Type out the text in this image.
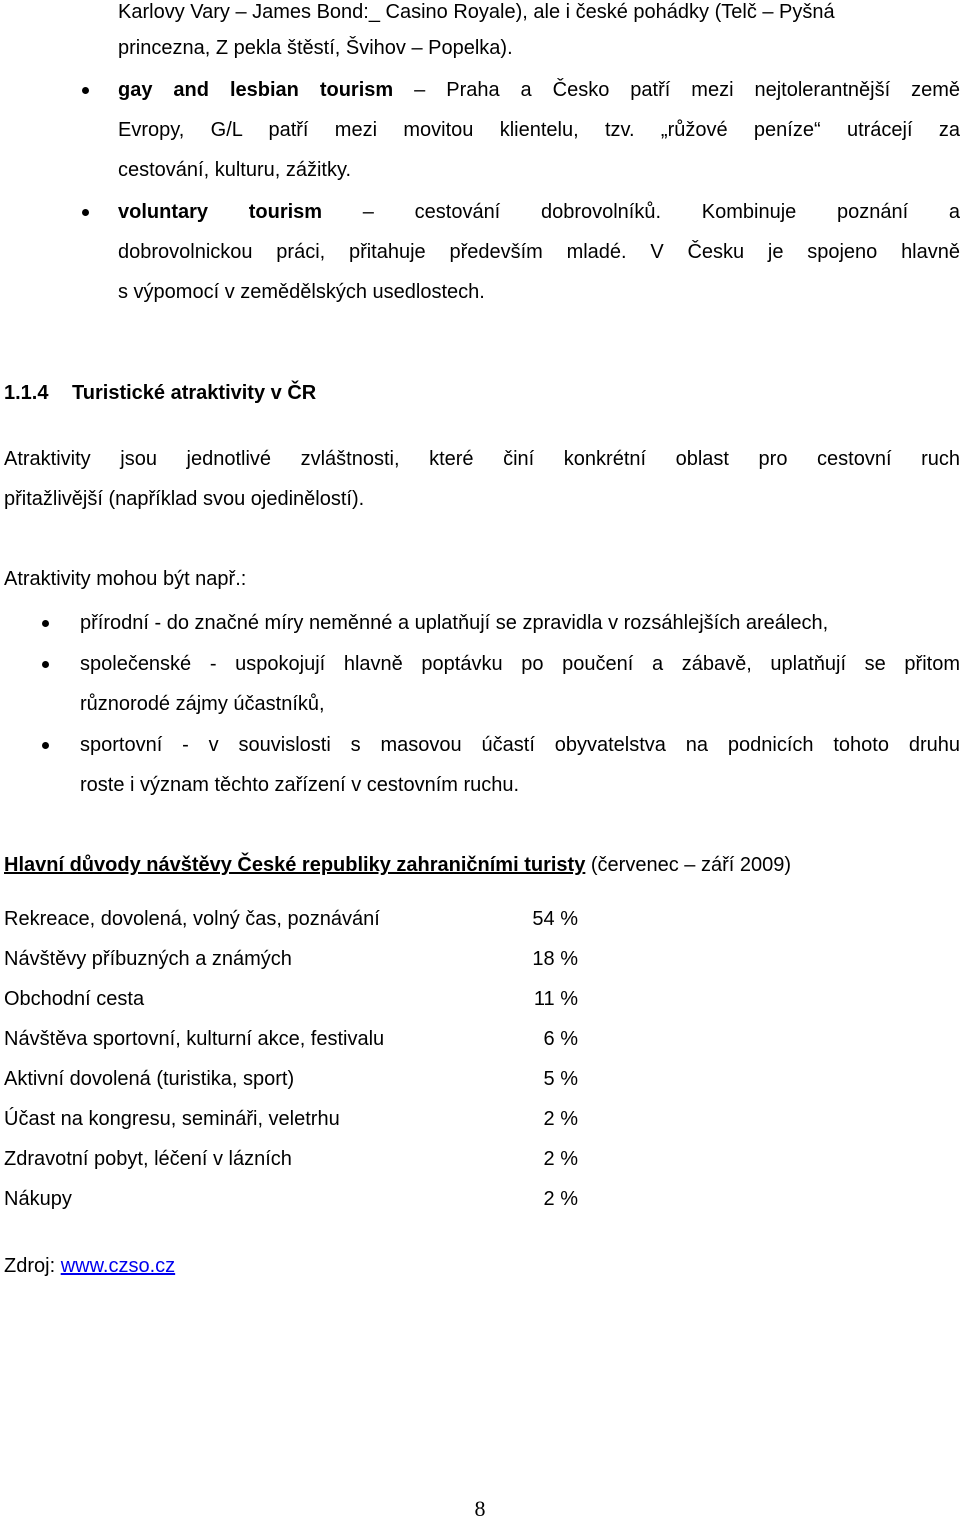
Karlovy Vary – James Bond:_ Casino Royale), ale i české pohádky (Telč – Pyšná
princezna, Z pekla štěstí, Švihov – Popelka).
gay and lesbian tourism – Praha a Česko patří mezi nejtolerantnější země
Evropy, G/L patří mezi movitou klientelu, tzv. „růžové peníze“ utrácejí za
cestování, kulturu, zážitky.
voluntary tourism – cestování dobrovolníků. Kombinuje poznání a
dobrovolnickou práci, přitahuje především mladé. V Česku je spojeno hlavně
s výpomocí v zemědělských usedlostech.
1.1.4 Turistické atraktivity v ČR
Atraktivity jsou jednotlivé zvláštnosti, které činí konkrétní oblast pro cestovní ruch
přitažlivější (například svou ojedinělostí).
Atraktivity mohou být např.:
přírodní - do značné míry neměnné a uplatňují se zpravidla v rozsáhlejších areálech,
společenské - uspokojují hlavně poptávku po poučení a zábavě, uplatňují se přitom
různorodé zájmy účastníků,
sportovní - v souvislosti s masovou účastí obyvatelstva na podnicích tohoto druhu
roste i význam těchto zařízení v cestovním ruchu.
Hlavní důvody návštěvy České republiky zahraničními turisty (červenec – září 2009)
Rekreace, dovolená, volný čas, poznávání	54 %
Návštěvy příbuzných a známých	18 %
Obchodní cesta	11 %
Návštěva sportovní, kulturní akce, festivalu	6 %
Aktivní dovolená (turistika, sport)	5 %
Účast na kongresu, semináři, veletrhu	2 %
Zdravotní pobyt, léčení v lázních	2 %
Nákupy	2 %
Zdroj: www.czso.cz
8
